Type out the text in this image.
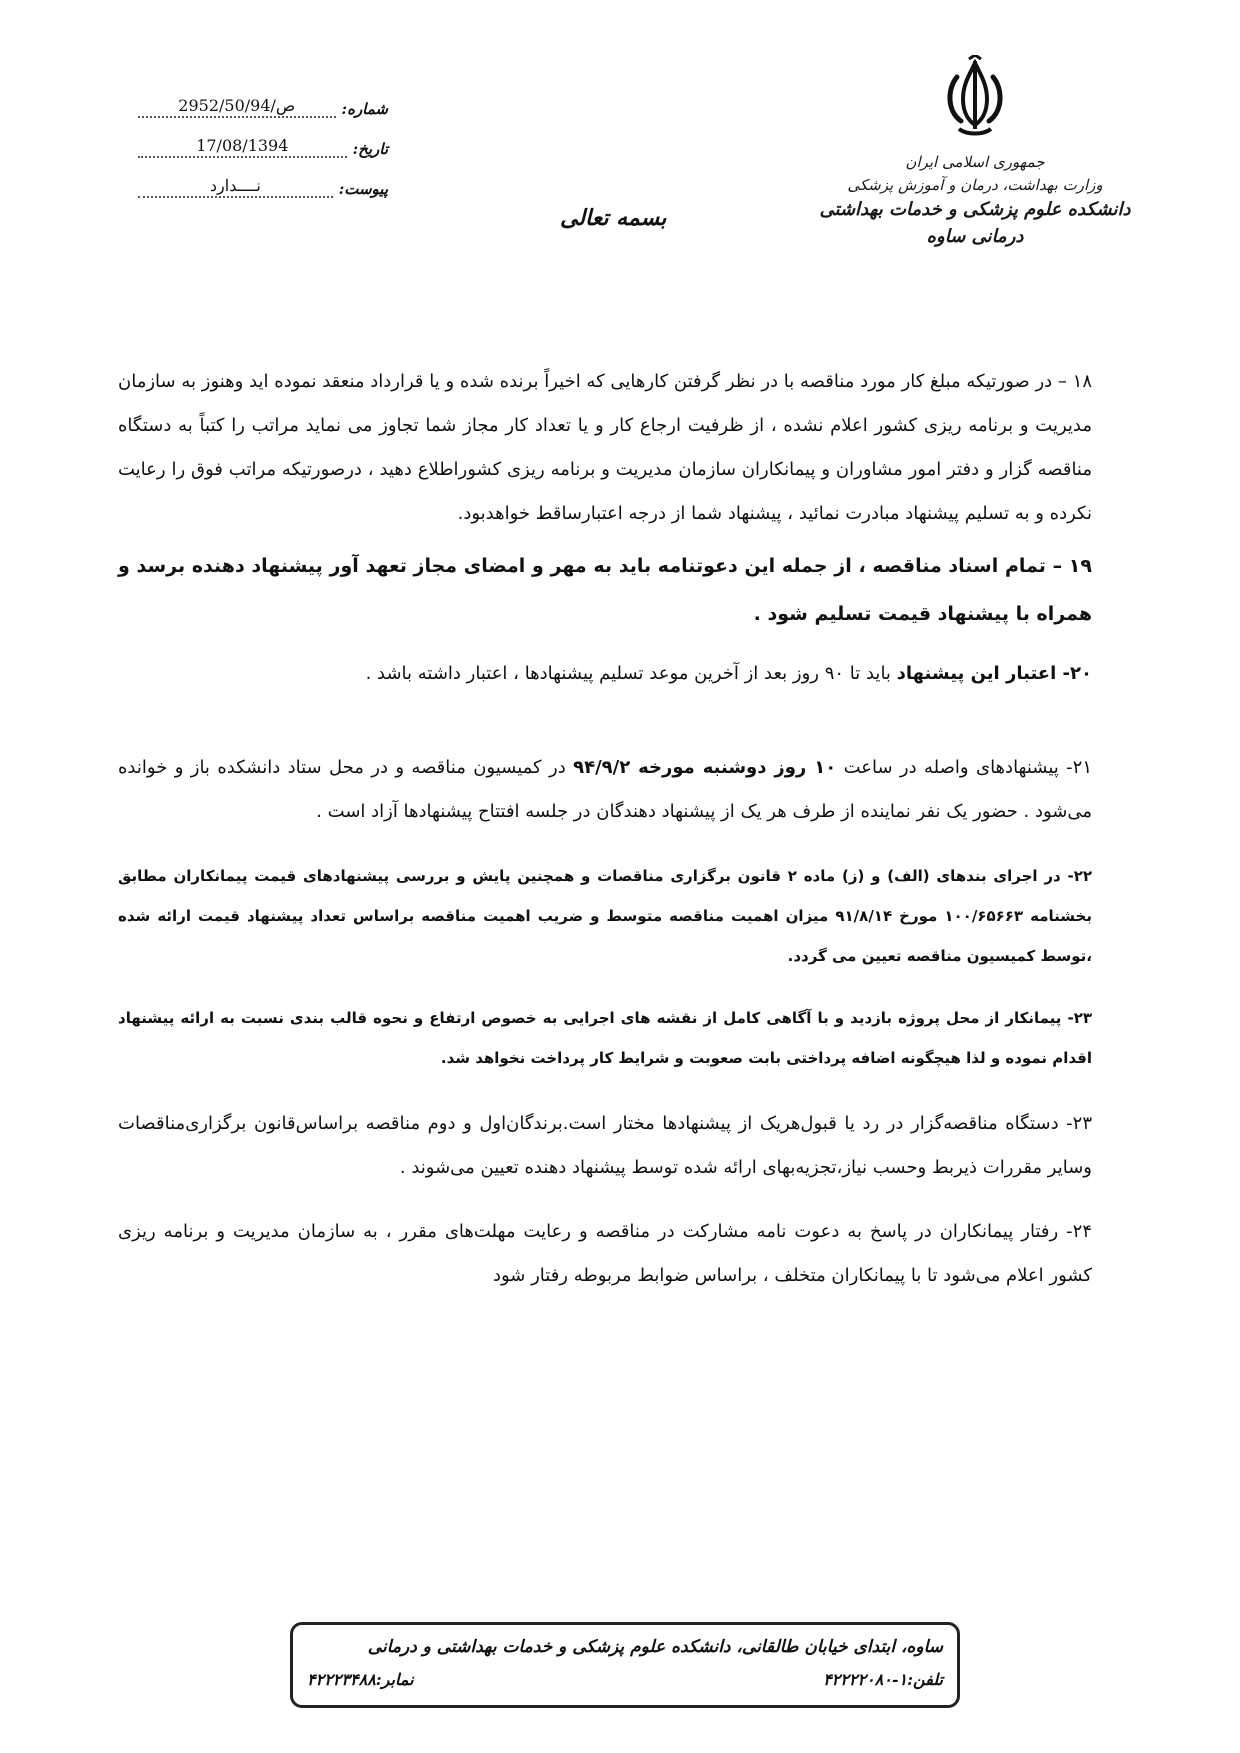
جمهوری اسلامی ایران
وزارت بهداشت، درمان و آموزش پزشکی
دانشکده علوم پزشکی و خدمات بهداشتی درمانی ساوه
شماره:
2952/50/ص/94
تاریخ:
17/08/1394
پیوست:
نــــدارد
بسمه تعالی

۱۸ – در صورتیکه مبلغ کار مورد مناقصه با در نظر گرفتن کارهایی که اخیراً برنده شده و یا قرارداد منعقد نموده اید وهنوز به سازمان مدیریت و برنامه ریزی کشور اعلام نشده ، از ظرفیت ارجاع کار و یا تعداد کار مجاز شما تجاوز می نماید مراتب را کتباً به دستگاه مناقصه گزار و دفتر امور مشاوران و پیمانکاران سازمان مدیریت و برنامه ریزی کشوراطلاع دهید ، درصورتیکه مراتب فوق را رعایت نکرده و به تسلیم پیشنهاد مبادرت نمائید ، پیشنهاد شما از درجه اعتبارساقط خواهدبود.

۱۹ – تمام اسناد مناقصه ، از جمله این دعوتنامه باید به مهر و امضای مجاز تعهد آور پیشنهاد دهنده برسد و همراه با پیشنهاد قیمت تسلیم شود .

۲۰- اعتبار این پیشنهاد باید تا ۹۰ روز بعد از آخرین موعد تسلیم پیشنهادها ، اعتبار داشته باشد .

۲۱- پیشنهادهای واصله در ساعت ۱۰ روز دوشنبه مورخه ۹۴/۹/۲ در کمیسیون مناقصه و در محل ستاد دانشکده باز و خوانده می‌شود . حضور یک نفر نماینده از طرف هر یک از پیشنهاد دهندگان در جلسه افتتاح پیشنهادها آزاد است .

۲۲- در اجرای بندهای (الف) و (ز) ماده ۲ قانون برگزاری مناقصات و همچنین پایش و بررسی پیشنهادهای قیمت پیمانکاران مطابق بخشنامه ۱۰۰/۶۵۶۶۳ مورخ ۹۱/۸/۱۴ میزان اهمیت مناقصه متوسط و ضریب اهمیت مناقصه براساس تعداد پیشنهاد قیمت ارائه شده ،توسط کمیسیون مناقصه تعیین می گردد.

۲۳- پیمانکار از محل پروژه بازدید و با آگاهی کامل از نقشه های اجرایی به خصوص ارتفاع و نحوه قالب بندی نسبت به ارائه پیشنهاد اقدام نموده و لذا هیچگونه اضافه پرداختی بابت صعوبت و شرایط کار پرداخت نخواهد شد.

۲۳- دستگاه مناقصه‌گزار در رد یا قبول‌هریک از پیشنهادها مختار است.برندگان‌اول و دوم مناقصه براساس‌قانون برگزاری‌مناقصات وسایر مقررات ذیربط وحسب نیاز،تجزیه‌بهای ارائه شده توسط پیشنهاد دهنده تعیین می‌شوند .

۲۴- رفتار پیمانکاران در پاسخ به دعوت نامه مشارکت در مناقصه و رعایت مهلت‌های مقرر ، به سازمان مدیریت و برنامه ریزی کشور اعلام می‌شود تا با پیمانکاران متخلف ، براساس ضوابط مربوطه رفتار شود

ساوه، ابتدای خیابان طالقانی، دانشکده علوم پزشکی و خدمات بهداشتی و درمانی
تلفن:۱-۴۲۲۲۲۰۸۰
نمابر:۴۲۲۲۳۴۸۸
